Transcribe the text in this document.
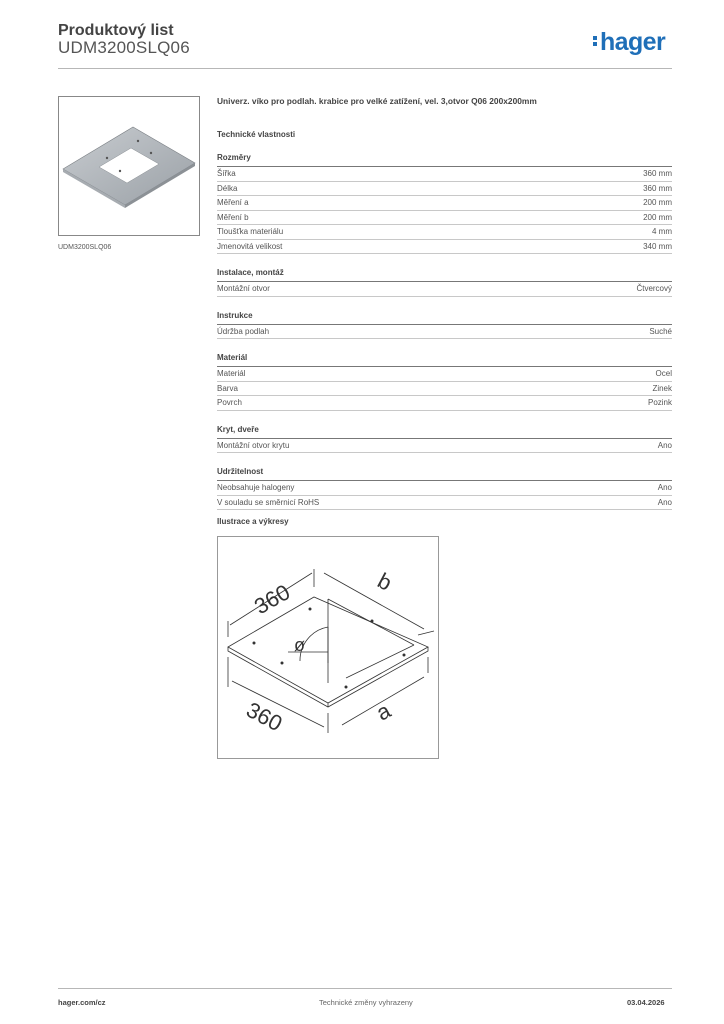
Produktový list
UDM3200SLQ06	hager
UDM3200SLQ06
Univerz. víko pro podlah. krabice pro velké zatížení, vel. 3,otvor Q06 200x200mm
Technické vlastnosti
Rozměry
Šířka	360 mm
Délka	360 mm
Měření a	200 mm
Měření b	200 mm
Tloušťka materiálu	4 mm
Jmenovitá velikost	340 mm
Instalace, montáž
Montážní otvor	Čtvercový
Instrukce
Údržba podlah	Suché
Materiál
Materiál	Ocel
Barva	Zinek
Povrch	Pozink
Kryt, dveře
Montážní otvor krytu	Ano
Udržitelnost
Neobsahuje halogeny	Ano
V souladu se směrnicí RoHS	Ano
Ilustrace a výkresy
360
360
b
a
ø
hager.com/cz	Technické změny vyhrazeny	03.04.2026
